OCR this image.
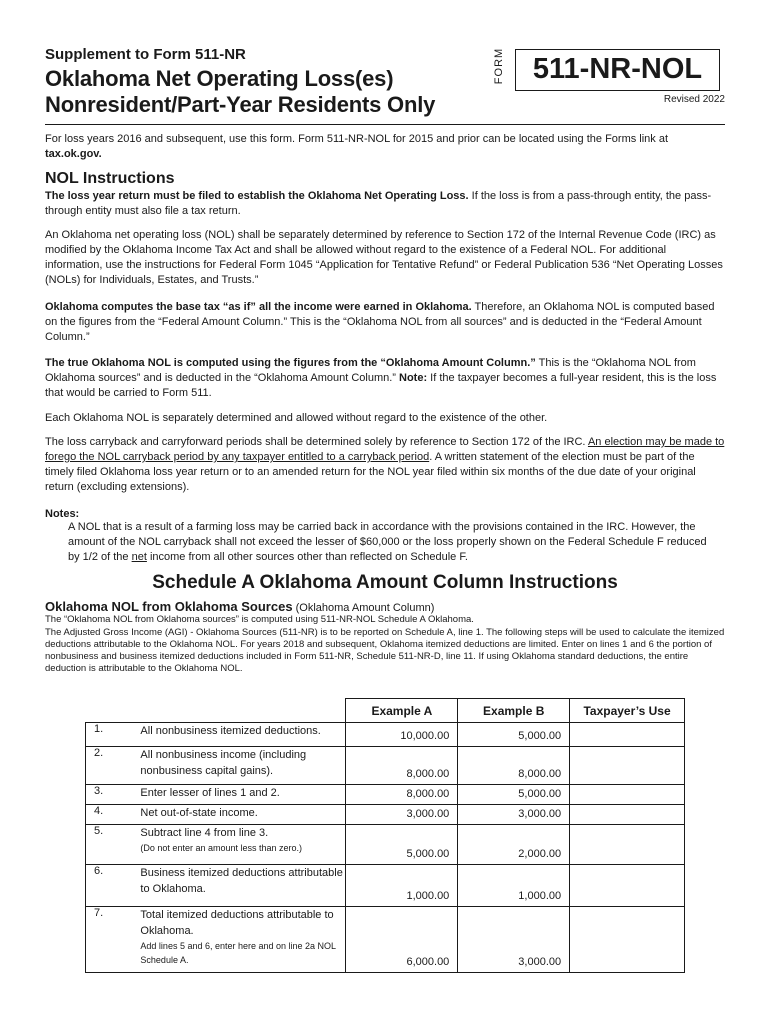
Supplement to Form 511-NR
Oklahoma Net Operating Loss(es)
Nonresident/Part-Year Residents Only
FORM 511-NR-NOL
Revised 2022
For loss years 2016 and subsequent, use this form. Form 511-NR-NOL for 2015 and prior can be located using the Forms link at tax.ok.gov.
NOL Instructions
The loss year return must be filed to establish the Oklahoma Net Operating Loss. If the loss is from a pass-through entity, the pass-through entity must also file a tax return.
An Oklahoma net operating loss (NOL) shall be separately determined by reference to Section 172 of the Internal Revenue Code (IRC) as modified by the Oklahoma Income Tax Act and shall be allowed without regard to the existence of a Federal NOL. For additional information, use the instructions for Federal Form 1045 “Application for Tentative Refund” or Federal Publication 536 “Net Operating Losses (NOLs) for Individuals, Estates, and Trusts.”
Oklahoma computes the base tax “as if” all the income were earned in Oklahoma. Therefore, an Oklahoma NOL is computed based on the figures from the “Federal Amount Column.” This is the “Oklahoma NOL from all sources” and is deducted in the “Federal Amount Column.”
The true Oklahoma NOL is computed using the figures from the “Oklahoma Amount Column.” This is the “Oklahoma NOL from Oklahoma sources” and is deducted in the “Oklahoma Amount Column.” Note: If the taxpayer becomes a full-year resident, this is the loss that would be carried to Form 511.
Each Oklahoma NOL is separately determined and allowed without regard to the existence of the other.
The loss carryback and carryforward periods shall be determined solely by reference to Section 172 of the IRC. An election may be made to forego the NOL carryback period by any taxpayer entitled to a carryback period. A written statement of the election must be part of the timely filed Oklahoma loss year return or to an amended return for the NOL year filed within six months of the due date of your original return (excluding extensions).
Notes:
A NOL that is a result of a farming loss may be carried back in accordance with the provisions contained in the IRC. However, the amount of the NOL carryback shall not exceed the lesser of $60,000 or the loss properly shown on the Federal Schedule F reduced by 1/2 of the net income from all other sources other than reflected on Schedule F.
Schedule A Oklahoma Amount Column Instructions
Oklahoma NOL from Oklahoma Sources (Oklahoma Amount Column)
The “Oklahoma NOL from Oklahoma sources” is computed using 511-NR-NOL Schedule A Oklahoma.
The Adjusted Gross Income (AGI) - Oklahoma Sources (511-NR) is to be reported on Schedule A, line 1. The following steps will be used to calculate the itemized deductions attributable to the Oklahoma NOL. For years 2018 and subsequent, Oklahoma itemized deductions are limited. Enter on lines 1 and 6 the portion of nonbusiness and business itemized deductions included in Form 511-NR, Schedule 511-NR-D, line 11. If using Oklahoma standard deductions, the entire deduction is attributable to the Oklahoma NOL.
		Example A	Example B	Taxpayer’s Use
1.	All nonbusiness itemized deductions.	10,000.00	5,000.00	
2.	All nonbusiness income (including nonbusiness capital gains).	8,000.00	8,000.00	
3.	Enter lesser of lines 1 and 2.	8,000.00	5,000.00	
4.	Net out-of-state income.	3,000.00	3,000.00	
5.	Subtract line 4 from line 3.
(Do not enter an amount less than zero.)	5,000.00	2,000.00	
6.	Business itemized deductions attributable to Oklahoma.	1,000.00	1,000.00	
7.	Total itemized deductions attributable to Oklahoma.
Add lines 5 and 6, enter here and on line 2a NOL Schedule A.	6,000.00	3,000.00	
